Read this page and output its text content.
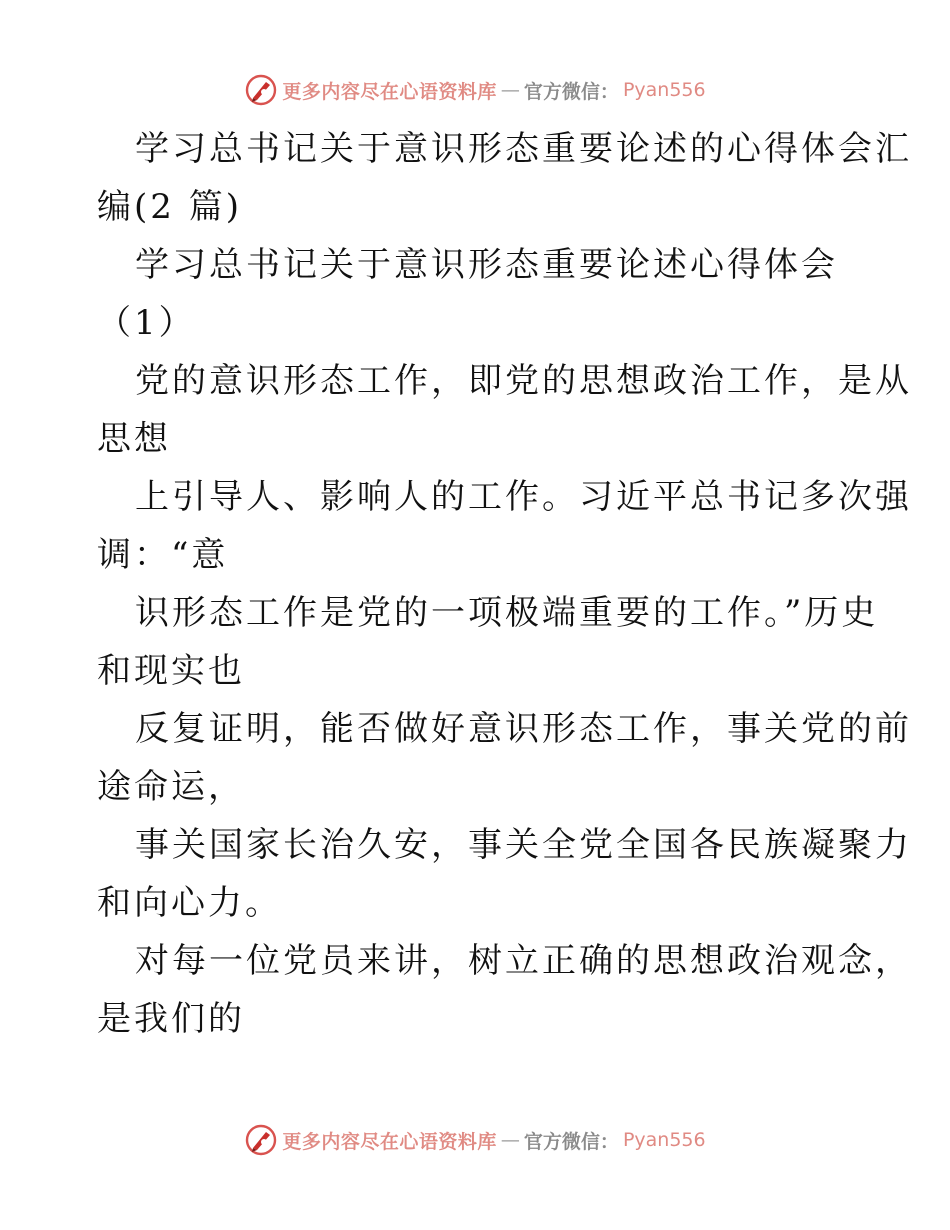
更多内容尽在心语资料库 — 官方微信： Pyan556
学习总书记关于意识形态重要论述的心得体会汇
编(2 篇)
学习总书记关于意识形态重要论述心得体会
（1）
党的意识形态工作，即党的思想政治工作，是从
思想
上引导人、影响人的工作。习近平总书记多次强
调：“意
识形态工作是党的一项极端重要的工作。”历史
和现实也
反复证明，能否做好意识形态工作，事关党的前
途命运，
事关国家长治久安，事关全党全国各民族凝聚力
和向心力。
对每一位党员来讲，树立正确的思想政治观念，
是我们的
更多内容尽在心语资料库 — 官方微信： Pyan556
